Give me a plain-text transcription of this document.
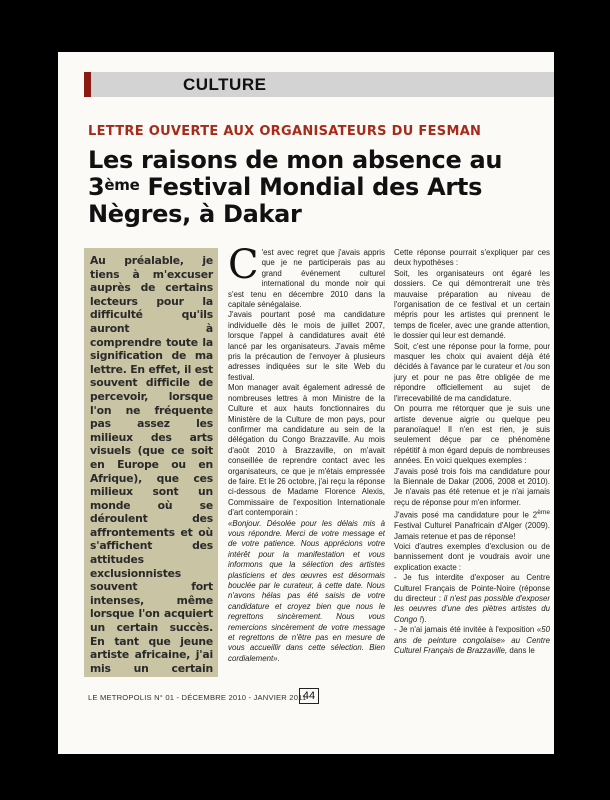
CULTURE
LETTRE OUVERTE AUX ORGANISATEURS DU FESMAN
Les raisons de mon absence au 3ème Festival Mondial des Arts Nègres, à Dakar

Au préalable, je tiens à m'excuser auprès de certains lecteurs pour la difficulté qu'ils auront à comprendre toute la signification de ma lettre. En effet, il est souvent difficile de percevoir, lorsque l'on ne fréquente pas assez les milieux des arts visuels (que ce soit en Europe ou en Afrique), que ces milieux sont un monde où se déroulent des affrontements et où s'affichent des attitudes exclusionnistes souvent fort intenses, même lorsque l'on acquiert un certain succès. En tant que jeune artiste africaine, j'ai mis un certain

C 'est avec regret que j'avais appris que je ne participerais pas au grand événement culturel international du monde noir qui s'est tenu en décembre 2010 dans la capitale sénégalaise.

J'avais pourtant posé ma candidature individuelle dès le mois de juillet 2007, lorsque l'appel à candidatures avait été lancé par les organisateurs. J'avais même pris la précaution de l'envoyer à plusieurs adresses indiquées sur le site Web du festival.

Mon manager avait également adressé de nombreuses lettres à mon Ministre de la Culture et aux hauts fonctionnaires du Ministère de la Culture de mon pays, pour confirmer ma candidature au sein de la délégation du Congo Brazzaville. Au mois d'août 2010 à Brazzaville, on m'avait conseillée de reprendre contact avec les organisateurs, ce que je m'étais empressée de faire. Et le 26 octobre, j'ai reçu la réponse ci-dessous de Madame Florence Alexis, Commissaire de l'exposition Internationale d'art contemporain :

«Bonjour. Désolée pour les délais mis à vous répondre. Merci de votre message et de votre patience. Nous apprécions votre intérêt pour la manifestation et vous informons que la sélection des artistes plasticiens et des œuvres est désormais bouclée par le curateur, à cette date. Nous n'avons hélas pas été saisis de votre candidature et croyez bien que nous le regrettons sincèrement. Nous vous remercions sincèrement de votre message et regrettons de n'être pas en mesure de vous accueillir dans cette sélection. Bien cordialement».

Cette réponse pourrait s'expliquer par ces deux hypothèses :

Soit, les organisateurs ont égaré les dossiers. Ce qui démontrerait une très mauvaise préparation au niveau de l'organisation de ce festival et un certain mépris pour les artistes qui prennent le temps de ficeler, avec une grande attention, le dossier qui leur est demandé.

Soit, c'est une réponse pour la forme, pour masquer les choix qui avaient déjà été décidés à l'avance par le curateur et /ou son jury et pour ne pas être obligée de me répondre officiellement au sujet de l'irrecevabilité de ma candidature.

On pourra me rétorquer que je suis une artiste devenue aigrie ou quelque peu paranoïaque! Il n'en est rien, je suis seulement déçue par ce phénomène répétitif à mon égard depuis de nombreuses années. En voici quelques exemples :

J'avais posé trois fois ma candidature pour la Biennale de Dakar (2006, 2008 et 2010). Je n'avais pas été retenue et je n'ai jamais reçu de réponse pour m'en informer.

J'avais posé ma candidature pour le 2ème Festival Culturel Panafricain d'Alger (2009). Jamais retenue et pas de réponse!

Voici d'autres exemples d'exclusion ou de bannissement dont je voudrais avoir une explication exacte :

- Je fus interdite d'exposer au Centre Culturel Français de Pointe-Noire (réponse du directeur : il n'est pas possible d'exposer les oeuvres d'une des piètres artistes du Congo !).

- Je n'ai jamais été invitée à l'exposition «50 ans de peinture congolaise» au Centre Culturel Français de Brazzaville, dans le

LE METROPOLIS N° 01 - DÉCEMBRE 2010 - JANVIER 2011
44
